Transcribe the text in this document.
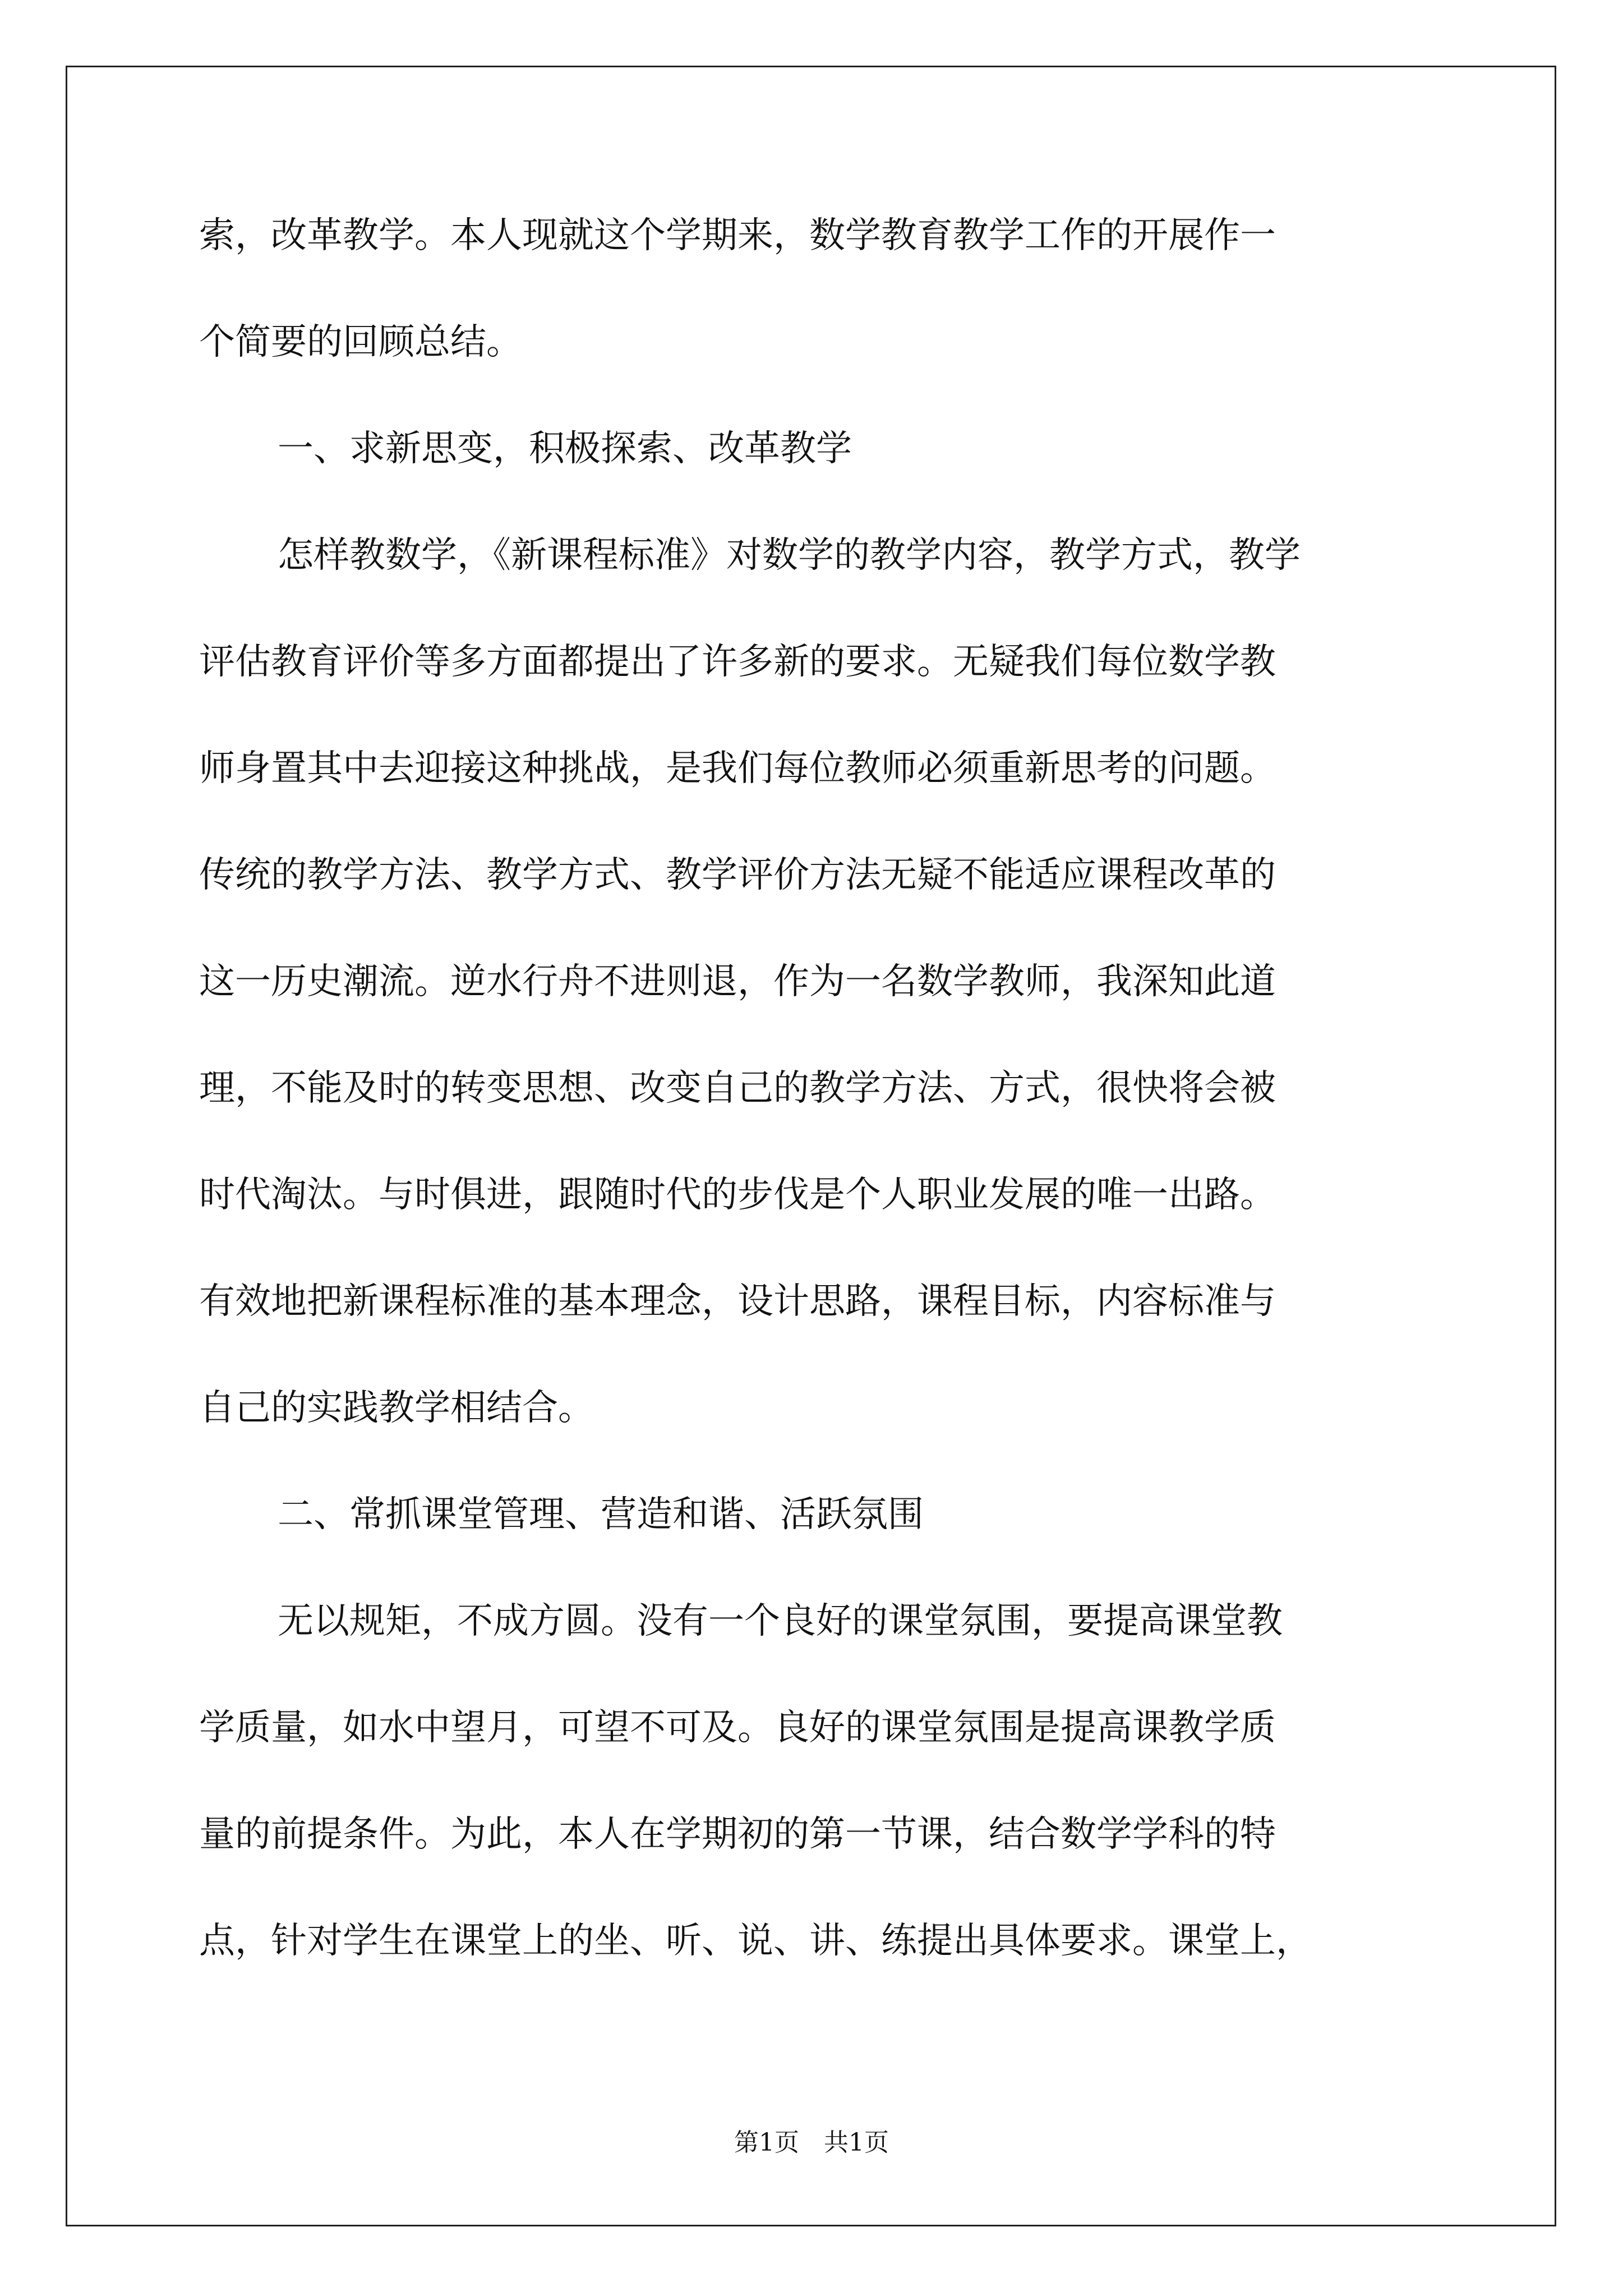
索，改革教学。本人现就这个学期来，数学教育教学工作的开展作一
个简要的回顾总结。
一、求新思变，积极探索、改革教学
怎样教数学，《新课程标准》对数学的教学内容，教学方式，教学
评估教育评价等多方面都提出了许多新的要求。无疑我们每位数学教
师身置其中去迎接这种挑战，是我们每位教师必须重新思考的问题。
传统的教学方法、教学方式、教学评价方法无疑不能适应课程改革的
这一历史潮流。逆水行舟不进则退，作为一名数学教师，我深知此道
理，不能及时的转变思想、改变自己的教学方法、方式，很快将会被
时代淘汰。与时俱进，跟随时代的步伐是个人职业发展的唯一出路。
有效地把新课程标准的基本理念，设计思路，课程目标，内容标准与
自己的实践教学相结合。
二、常抓课堂管理、营造和谐、活跃氛围
无以规矩，不成方圆。没有一个良好的课堂氛围，要提高课堂教
学质量，如水中望月，可望不可及。良好的课堂氛围是提高课教学质
量的前提条件。为此，本人在学期初的第一节课，结合数学学科的特
点，针对学生在课堂上的坐、听、说、讲、练提出具体要求。课堂上，
第1页　共1页
